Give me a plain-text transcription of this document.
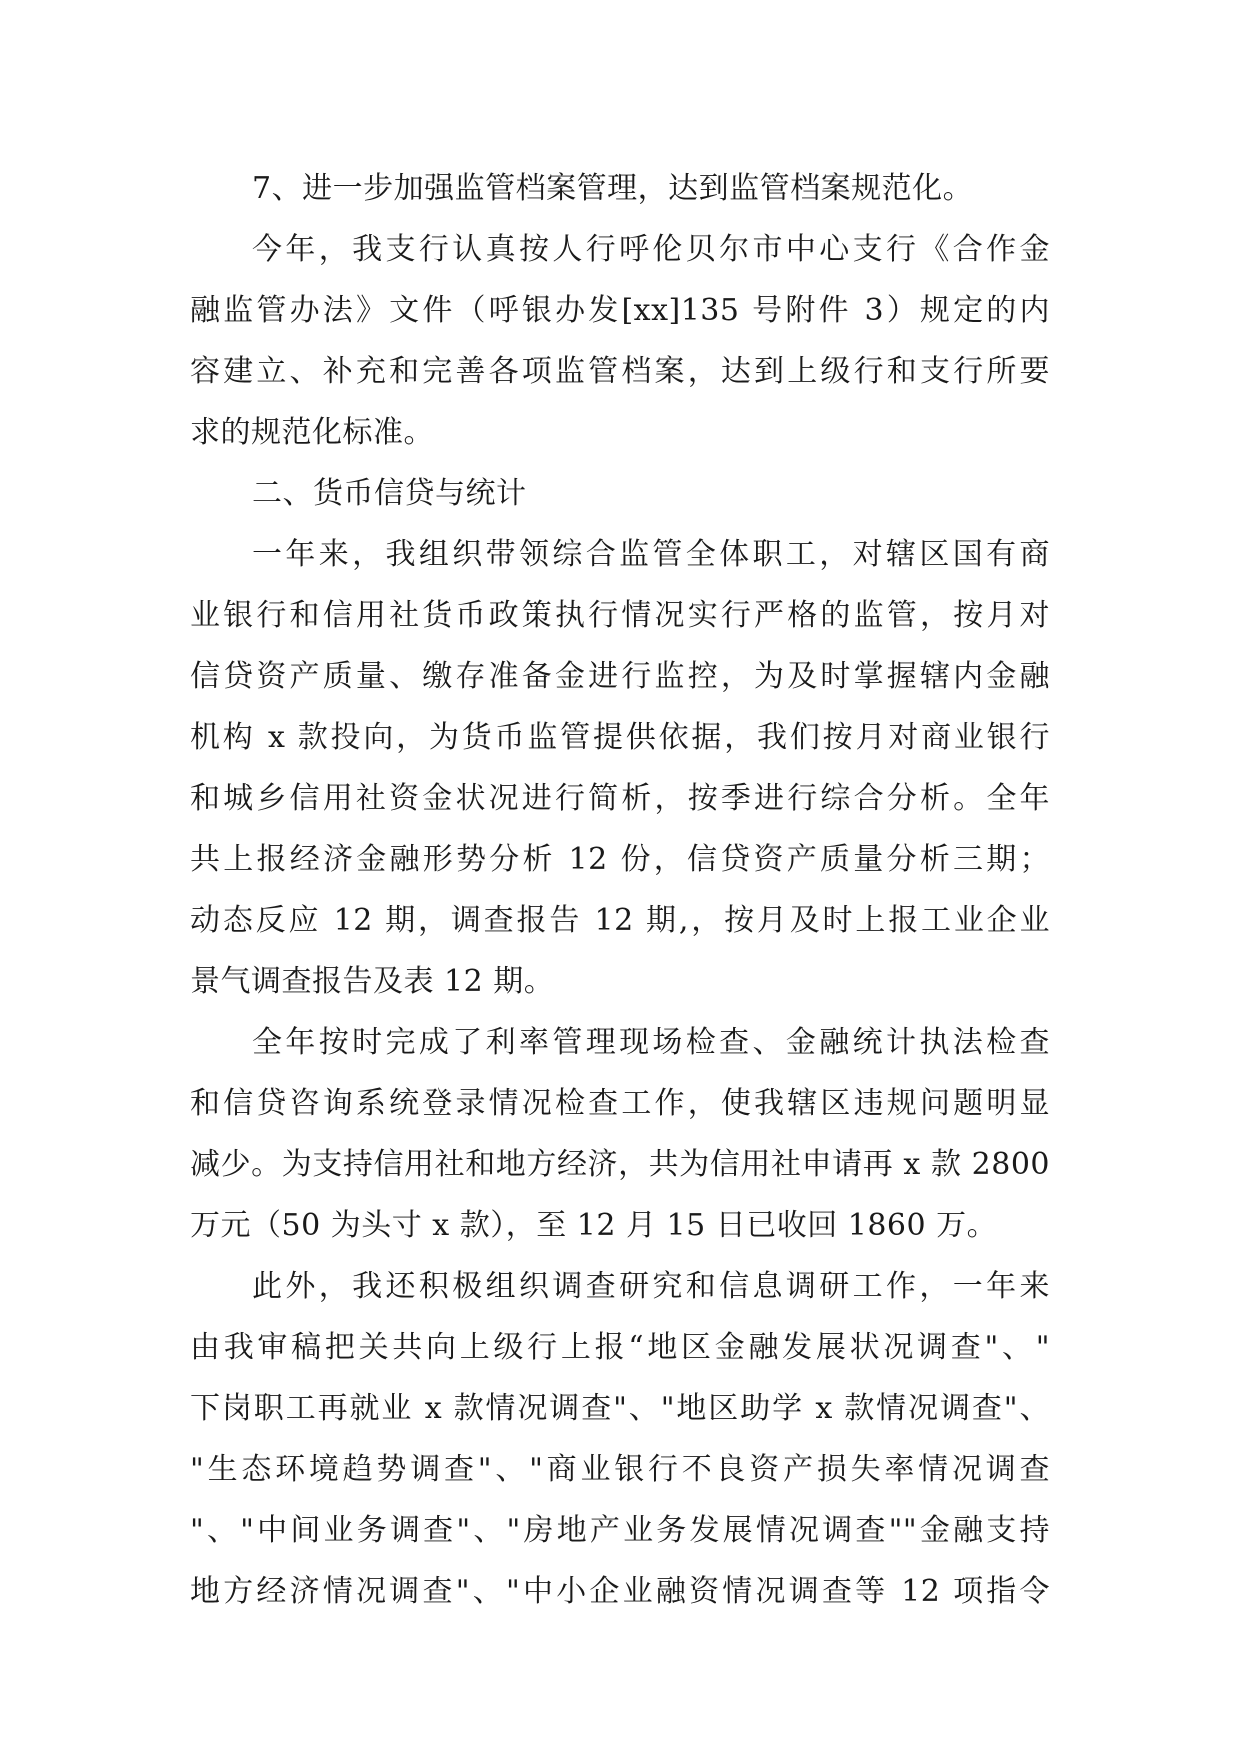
7、进一步加强监管档案管理，达到监管档案规范化。
今年，我支行认真按人行呼伦贝尔市中心支行《合作金
融监管办法》文件（呼银办发[xx]135 号附件 3）规定的内
容建立、补充和完善各项监管档案，达到上级行和支行所要
求的规范化标准。
二、货币信贷与统计
一年来，我组织带领综合监管全体职工，对辖区国有商
业银行和信用社货币政策执行情况实行严格的监管，按月对
信贷资产质量、缴存准备金进行监控，为及时掌握辖内金融
机构 x 款投向，为货币监管提供依据，我们按月对商业银行
和城乡信用社资金状况进行简析，按季进行综合分析。全年
共上报经济金融形势分析 12 份，信贷资产质量分析三期；
动态反应 12 期，调查报告 12 期,，按月及时上报工业企业
景气调查报告及表 12 期。
全年按时完成了利率管理现场检查、金融统计执法检查
和信贷咨询系统登录情况检查工作，使我辖区违规问题明显
减少。为支持信用社和地方经济，共为信用社申请再 x 款 2800
万元（50 为头寸 x 款），至 12 月 15 日已收回 1860 万。
此外，我还积极组织调查研究和信息调研工作，一年来
由我审稿把关共向上级行上报“地区金融发展状况调查"、"
下岗职工再就业 x 款情况调查"、"地区助学 x 款情况调查"、
"生态环境趋势调查"、"商业银行不良资产损失率情况调查
"、"中间业务调查"、"房地产业务发展情况调查""金融支持
地方经济情况调查"、"中小企业融资情况调查等 12 项指令
